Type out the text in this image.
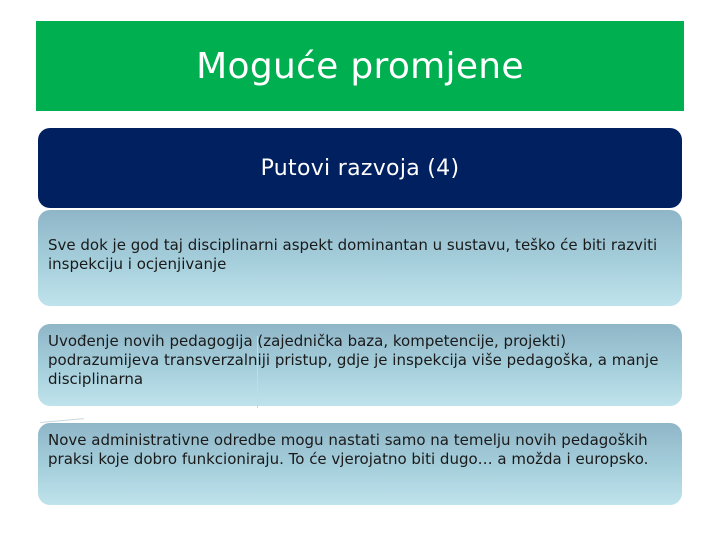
Moguće promjene
Putovi razvoja (4)

Sve dok je god taj disciplinarni aspekt dominantan u sustavu, teško će biti razviti inspekciju i ocjenjivanje

Uvođenje novih pedagogija (zajednička baza, kompetencije, projekti) podrazumijeva transverzalniji pristup, gdje je inspekcija više pedagoška, a manje disciplinarna

Nove administrativne odredbe mogu nastati samo na temelju novih pedagoških praksi koje dobro funkcioniraju. To će vjerojatno biti dugo… a možda i europsko.
